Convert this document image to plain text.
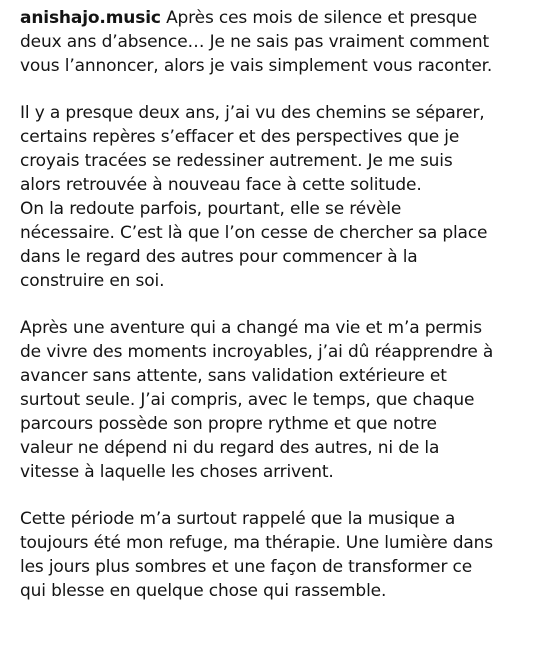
anishajo.music Après ces mois de silence et presque
deux ans d’absence… Je ne sais pas vraiment comment
vous l’annoncer, alors je vais simplement vous raconter.

Il y a presque deux ans, j’ai vu des chemins se séparer,
certains repères s’effacer et des perspectives que je
croyais tracées se redessiner autrement. Je me suis
alors retrouvée à nouveau face à cette solitude.
On la redoute parfois, pourtant, elle se révèle
nécessaire. C’est là que l’on cesse de chercher sa place
dans le regard des autres pour commencer à la
construire en soi.

Après une aventure qui a changé ma vie et m’a permis
de vivre des moments incroyables, j’ai dû réapprendre à
avancer sans attente, sans validation extérieure et
surtout seule. J’ai compris, avec le temps, que chaque
parcours possède son propre rythme et que notre
valeur ne dépend ni du regard des autres, ni de la
vitesse à laquelle les choses arrivent.

Cette période m’a surtout rappelé que la musique a
toujours été mon refuge, ma thérapie. Une lumière dans
les jours plus sombres et une façon de transformer ce
qui blesse en quelque chose qui rassemble.
